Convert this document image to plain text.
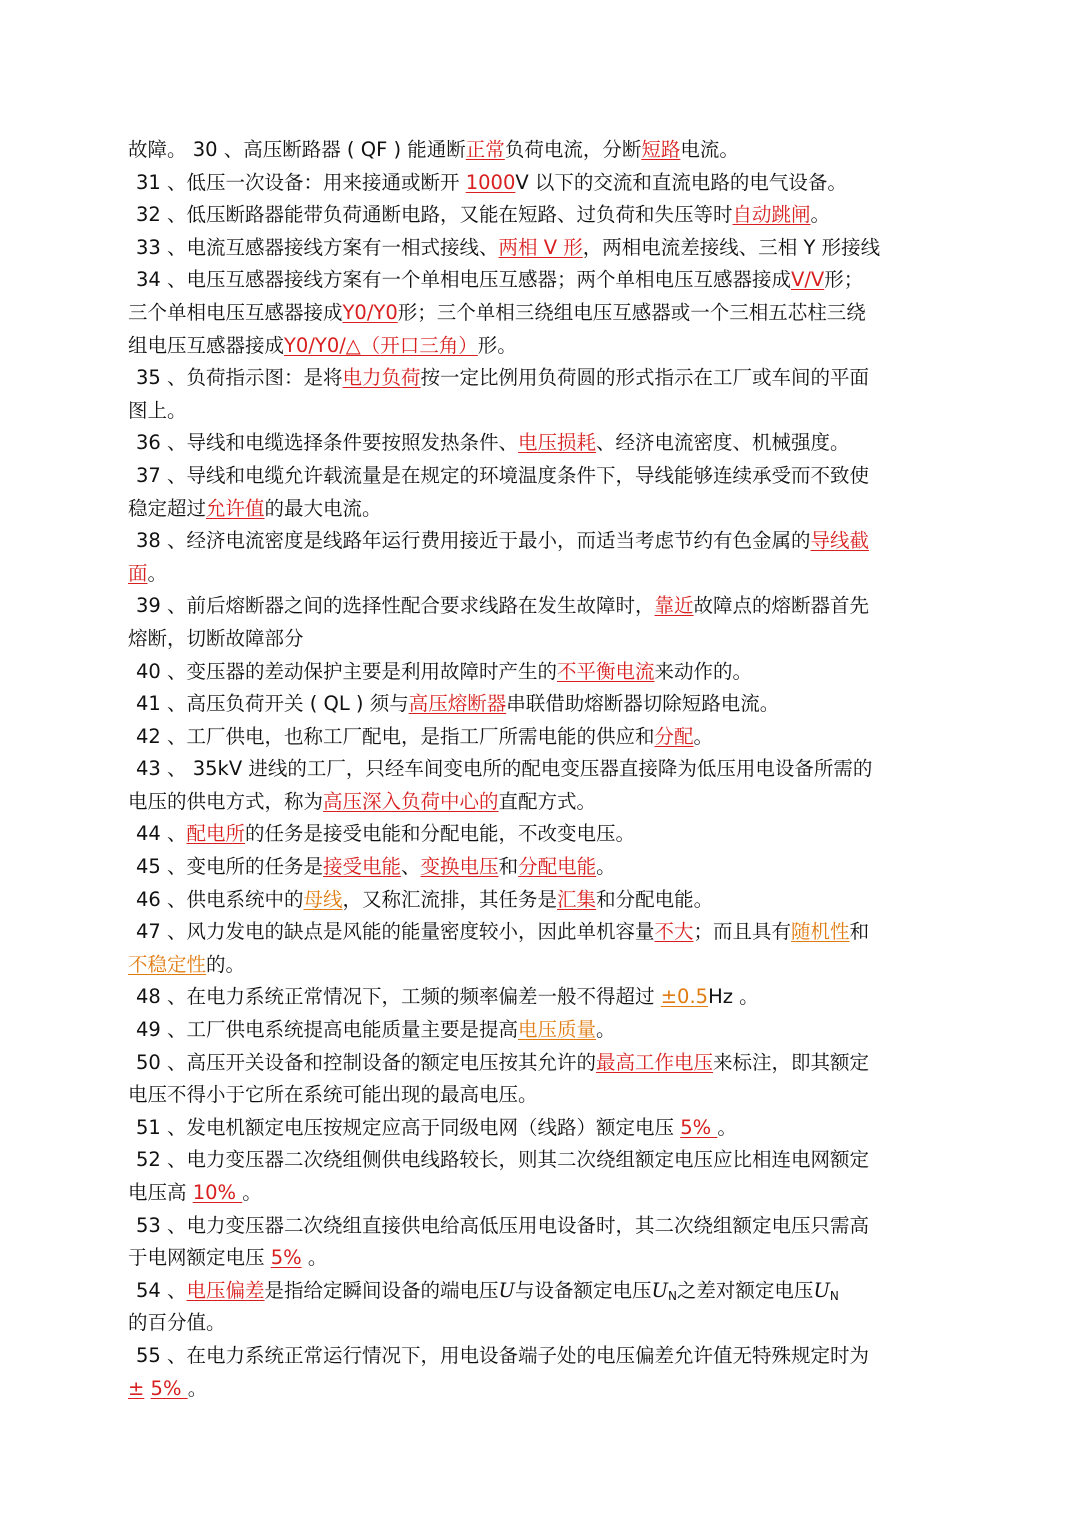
故障。 30 、高压断路器 ( QF ) 能通断正常负荷电流，分断短路电流。
31 、低压一次设备：用来接通或断开 1000V 以下的交流和直流电路的电气设备。
32 、低压断路器能带负荷通断电路，又能在短路、过负荷和失压等时自动跳闸。
33 、电流互感器接线方案有一相式接线、两相 V 形，两相电流差接线、三相 Y 形接线
34 、电压互感器接线方案有一个单相电压互感器；两个单相电压互感器接成V/V形；
三个单相电压互感器接成Y0/Y0形；三个单相三绕组电压互感器或一个三相五芯柱三绕
组电压互感器接成Y0/Y0/△（开口三角）形。
35 、负荷指示图：是将电力负荷按一定比例用负荷圆的形式指示在工厂或车间的平面
图上。
36 、导线和电缆选择条件要按照发热条件、电压损耗、经济电流密度、机械强度。
37 、导线和电缆允许载流量是在规定的环境温度条件下，导线能够连续承受而不致使
稳定超过允许值的最大电流。
38 、经济电流密度是线路年运行费用接近于最小，而适当考虑节约有色金属的导线截
面。
39 、前后熔断器之间的选择性配合要求线路在发生故障时，靠近故障点的熔断器首先
熔断，切断故障部分
40 、变压器的差动保护主要是利用故障时产生的不平衡电流来动作的。
41 、高压负荷开关 ( QL ) 须与高压熔断器串联借助熔断器切除短路电流。
42 、工厂供电，也称工厂配电，是指工厂所需电能的供应和分配。
43 、 35kV 进线的工厂，只经车间变电所的配电变压器直接降为低压用电设备所需的
电压的供电方式，称为高压深入负荷中心的直配方式。
44 、配电所的任务是接受电能和分配电能，不改变电压。
45 、变电所的任务是接受电能、变换电压和分配电能。
46 、供电系统中的母线，又称汇流排，其任务是汇集和分配电能。
47 、风力发电的缺点是风能的能量密度较小，因此单机容量不大；而且具有随机性和
不稳定性的。
48 、在电力系统正常情况下，工频的频率偏差一般不得超过 ±0.5Hz 。
49 、工厂供电系统提高电能质量主要是提高电压质量。
50 、高压开关设备和控制设备的额定电压按其允许的最高工作电压来标注，即其额定
电压不得小于它所在系统可能出现的最高电压。
51 、发电机额定电压按规定应高于同级电网（线路）额定电压 5% 。
52 、电力变压器二次绕组侧供电线路较长，则其二次绕组额定电压应比相连电网额定
电压高 10% 。
53 、电力变压器二次绕组直接供电给高低压用电设备时，其二次绕组额定电压只需高
于电网额定电压 5% 。
54 、电压偏差是指给定瞬间设备的端电压U与设备额定电压$U_N$之差对额定电压$U_N$
的百分值。
55 、在电力系统正常运行情况下，用电设备端子处的电压偏差允许值无特殊规定时为
± 5% 。
